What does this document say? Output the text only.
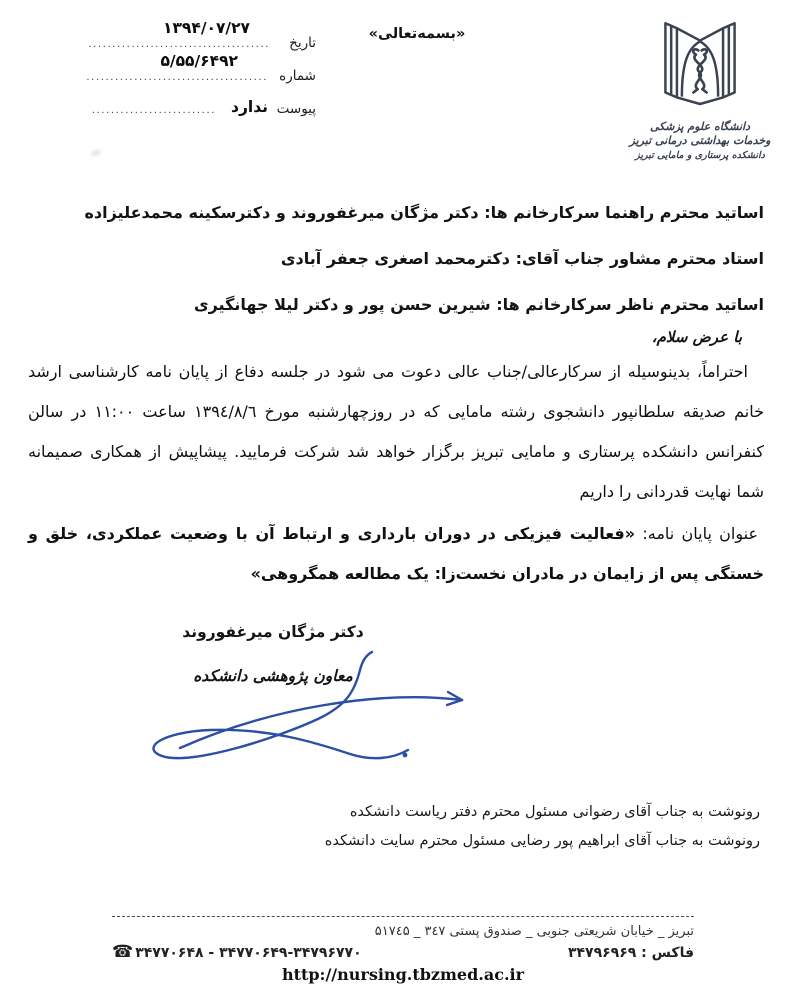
تاریخ
......................................
۱۳۹۴/۰۷/۲۷
شماره
......................................
۵/۵۵/۶۴۹۲
پیوست
ندارد
..........................
«بسمه‌تعالی»
دانشگاه علوم پزشکی
وخدمات بهداشتی درمانی تبریز
دانشکده پرستاری و مامایی تبریز
اساتید محترم راهنما سرکارخانم ها: دکتر مژگان میرغفوروند و دکترسکینه محمدعلیزاده
استاد محترم مشاور جناب آقای: دکترمحمد اصغری جعفر آبادی
اساتید محترم ناظر سرکارخانم ها: شیرین حسن پور و دکتر لیلا جهانگیری
با عرض سلام،

احتراماً، بدینوسیله از سرکارعالی/جناب عالی دعوت می شود در جلسه دفاع از پایان نامه کارشناسی ارشد خانم صدیقه سلطانپور دانشجوی رشته مامایی که در روزچهارشنبه مورخ ۱۳۹٤/۸/٦ ساعت ۱۱:۰۰ در سالن کنفرانس دانشکده پرستاری و مامایی تبریز برگزار خواهد شد شرکت فرمایید. پیشاپیش از همکاری صمیمانه شما نهایت قدردانی را داریم

عنوان پایان نامه: «فعالیت فیزیکی در دوران بارداری و ارتباط آن با وضعیت عملکردی، خلق و خستگی پس از زایمان در مادران نخست‌زا: یک مطالعه همگروهی»

دکتر مژگان میرغفوروند
معاون پژوهشی دانشکده
رونوشت به جناب آقای رضوانی مسئول محترم دفتر ریاست دانشکده
رونوشت به جناب آقای ابراهیم پور رضایی مسئول محترم سایت دانشکده
تبریز _ خیابان شریعتی جنوبی _ صندوق پستی ۳٤۷ _ ۵۱۷٤۵
☎ ۳۴۷۷۰۶۴۸ - ۳۴۷۷۰۶۴۹-۳۴۷۹۶۷۷۰	فاکس : ۳۴۷۹۶۹۶۹
http://nursing.tbzmed.ac.ir
